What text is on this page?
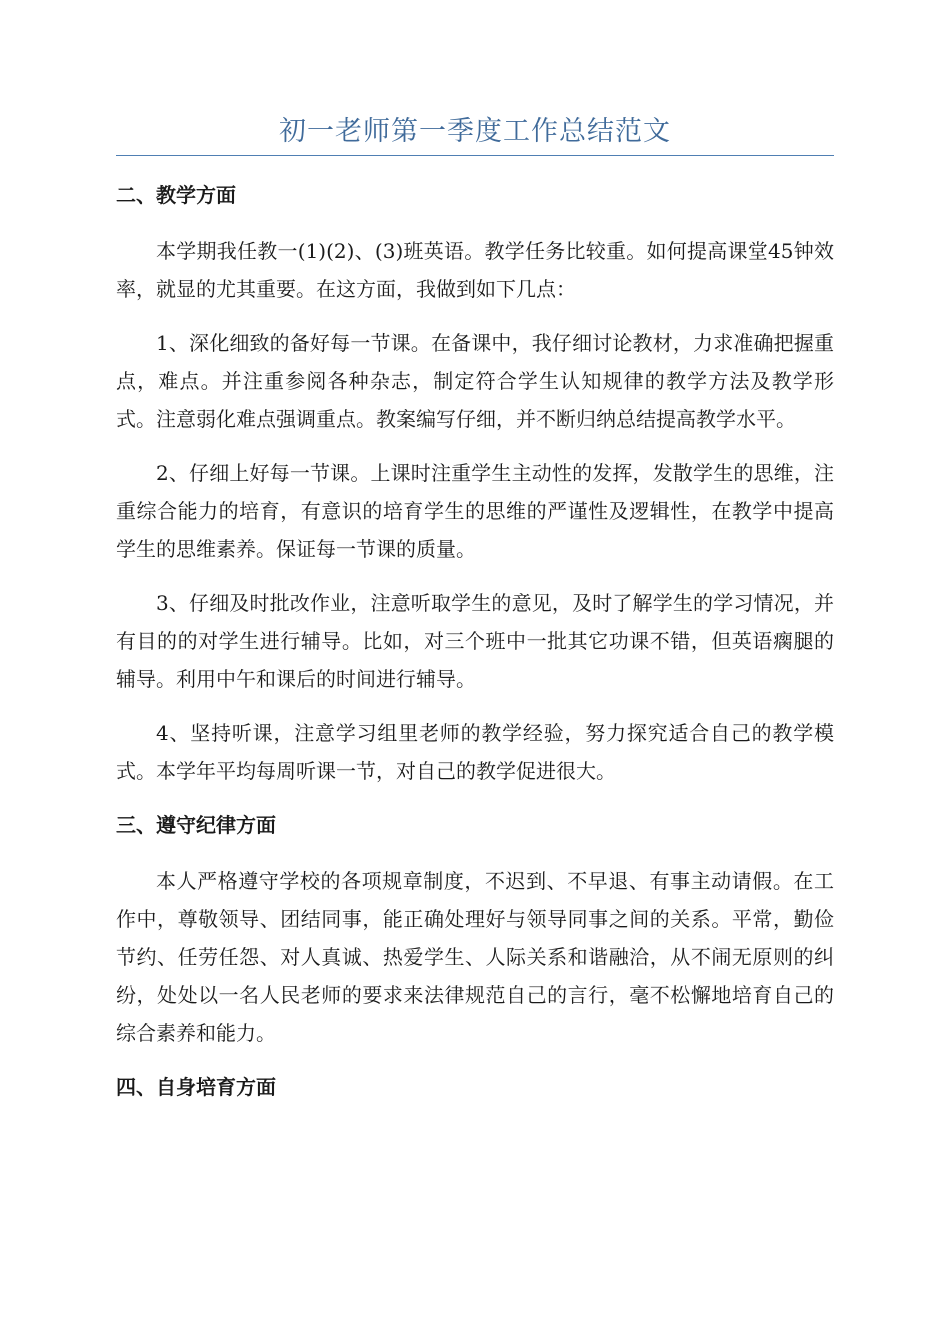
初一老师第一季度工作总结范文
二、教学方面

本学期我任教一(1)(2)、(3)班英语。教学任务比较重。如何提高课堂45钟效率，就显的尤其重要。在这方面，我做到如下几点：

1、深化细致的备好每一节课。在备课中，我仔细讨论教材，力求准确把握重点，难点。并注重参阅各种杂志，制定符合学生认知规律的教学方法及教学形式。注意弱化难点强调重点。教案编写仔细，并不断归纳总结提高教学水平。

2、仔细上好每一节课。上课时注重学生主动性的发挥，发散学生的思维，注重综合能力的培育，有意识的培育学生的思维的严谨性及逻辑性，在教学中提高学生的思维素养。保证每一节课的质量。

3、仔细及时批改作业，注意听取学生的意见，及时了解学生的学习情况，并有目的的对学生进行辅导。比如，对三个班中一批其它功课不错，但英语瘸腿的辅导。利用中午和课后的时间进行辅导。

4、坚持听课，注意学习组里老师的教学经验，努力探究适合自己的教学模式。本学年平均每周听课一节，对自己的教学促进很大。

三、遵守纪律方面

本人严格遵守学校的各项规章制度，不迟到、不早退、有事主动请假。在工作中，尊敬领导、团结同事，能正确处理好与领导同事之间的关系。平常，勤俭节约、任劳任怨、对人真诚、热爱学生、人际关系和谐融洽，从不闹无原则的纠纷，处处以一名人民老师的要求来法律规范自己的言行，毫不松懈地培育自己的综合素养和能力。

四、自身培育方面
